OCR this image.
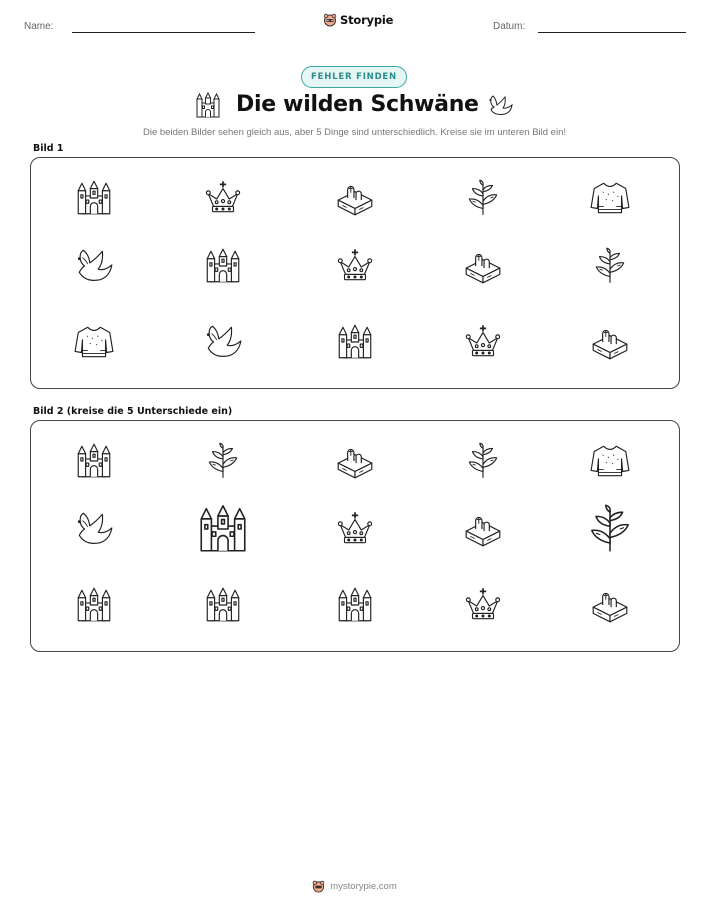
Name:	Datum:
Storypie
FEHLER FINDEN
Die wilden Schwäne
Die beiden Bilder sehen gleich aus, aber 5 Dinge sind unterschiedlich. Kreise sie im unteren Bild ein!
Bild 1
Bild 2 (kreise die 5 Unterschiede ein)
mystorypie.com
